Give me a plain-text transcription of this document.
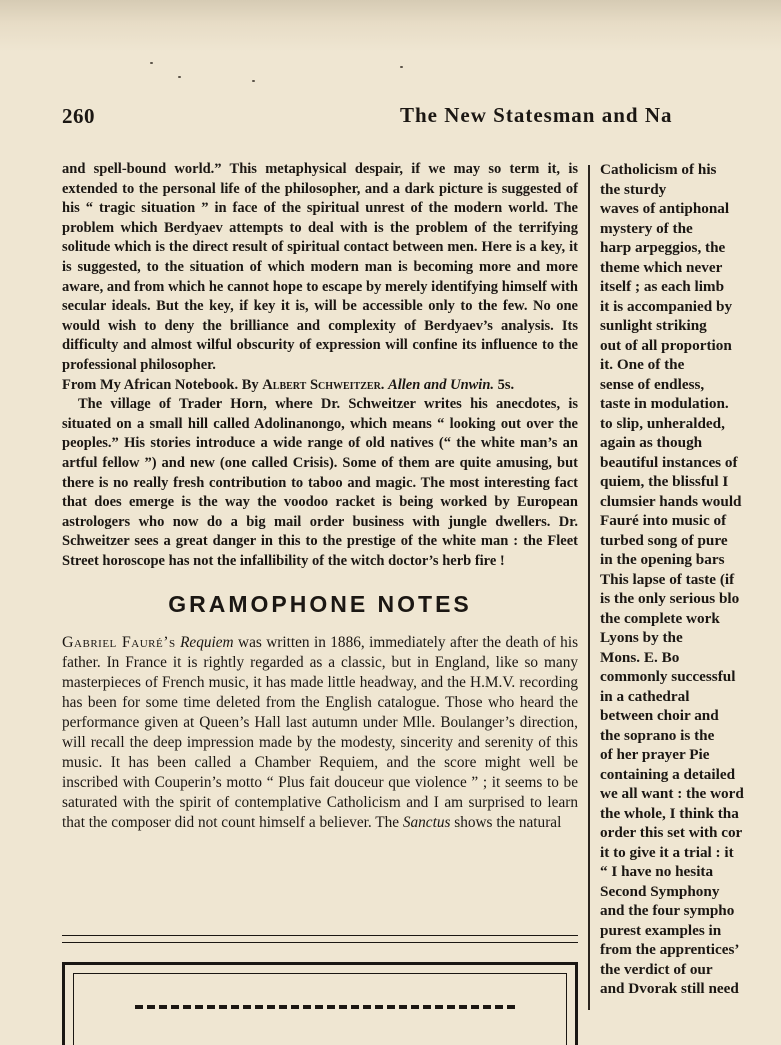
260	The New Statesman and Na

and spell-bound world.” This metaphysical despair, if we may so term it, is extended to the personal life of the philosopher, and a dark picture is suggested of his “ tragic situation ” in face of the spiritual unrest of the modern world. The problem which Berdyaev attempts to deal with is the problem of the terrifying solitude which is the direct result of spiritual contact between men. Here is a key, it is suggested, to the situation of which modern man is becoming more and more aware, and from which he cannot hope to escape by merely identifying himself with secular ideals. But the key, if key it is, will be accessible only to the few. No one would wish to deny the brilliance and complexity of Berdyaev’s analysis. Its difficulty and almost wilful obscurity of expression will confine its influence to the professional philosopher.

From My African Notebook. By Albert Schweitzer. Allen and Unwin. 5s.

The village of Trader Horn, where Dr. Schweitzer writes his anecdotes, is situated on a small hill called Adolinanongo, which means “ looking out over the peoples.” His stories introduce a wide range of old natives (“ the white man’s an artful fellow ”) and new (one called Crisis). Some of them are quite amusing, but there is no really fresh contribution to taboo and magic. The most interesting fact that does emerge is the way the voodoo racket is being worked by European astrologers who now do a big mail order business with jungle dwellers. Dr. Schweitzer sees a great danger in this to the prestige of the white man : the Fleet Street horoscope has not the infallibility of the witch doctor’s herb fire !

GRAMOPHONE NOTES

Gabriel Fauré’s Requiem was written in 1886, immediately after the death of his father. In France it is rightly regarded as a classic, but in England, like so many masterpieces of French music, it has made little headway, and the H.M.V. recording has been for some time deleted from the English catalogue. Those who heard the performance given at Queen’s Hall last autumn under Mlle. Boulanger’s direction, will recall the deep impression made by the modesty, sincerity and serenity of this music. It has been called a Chamber Requiem, and the score might well be inscribed with Couperin’s motto “ Plus fait douceur que violence ” ; it seems to be saturated with the spirit of contemplative Catholicism and I am surprised to learn that the composer did not count himself a believer. The Sanctus shows the natural

Catholicism of his
the sturdy
waves of antiphonal
mystery of the
harp arpeggios, the
theme which never
itself ; as each limb
it is accompanied by
sunlight striking
out of all proportion
it. One of the
sense of endless,
taste in modulation.
to slip, unheralded,
again as though
beautiful instances of
quiem, the blissful I
clumsier hands would
Fauré into music of
turbed song of pure
in the opening bars
This lapse of taste (if
is the only serious blo
the complete work
Lyons by the
Mons. E. Bo
commonly successful
in a cathedral
between choir and
the soprano is the
of her prayer Pie
containing a detailed
we all want : the word
the whole, I think tha
order this set with cor
it to give it a trial : it
“ I have no hesita
Second Symphony
and the four sympho
purest examples in
from the apprentices’
the verdict of our
and Dvorak still need
